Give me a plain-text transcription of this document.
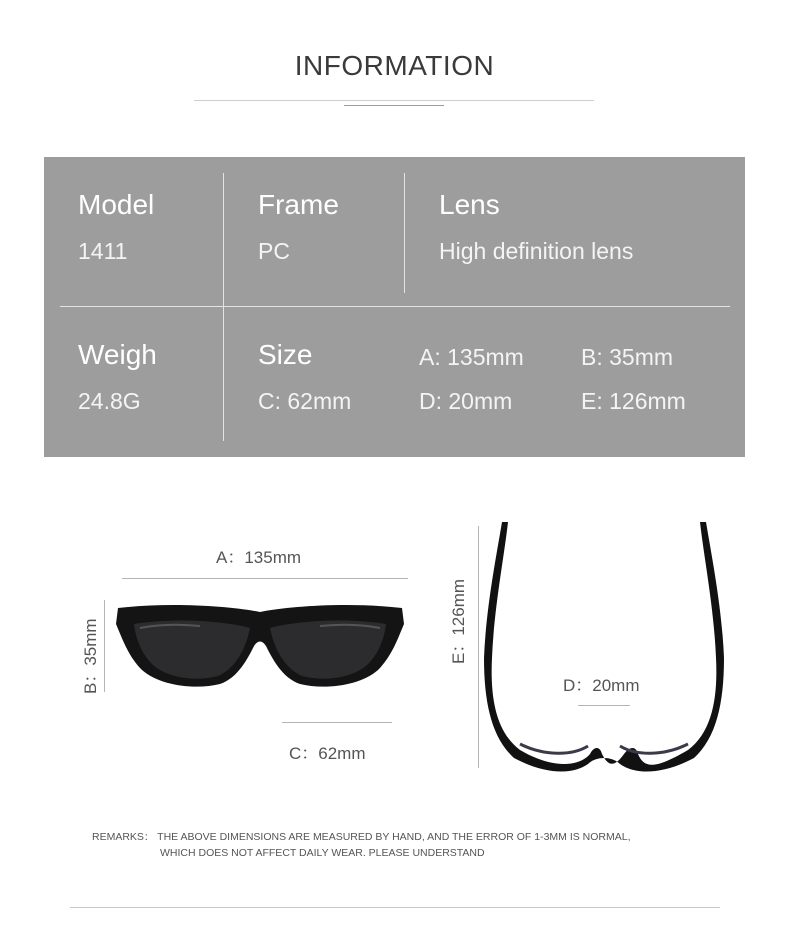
INFORMATION
Model
1411
Frame
PC
Lens
High definition lens
Weigh
24.8G
Size	A: 135mm B: 35mm
C: 62mm	D: 20mm	E: 126mm
A：135mm
B：35mm
C：62mm
E：126mm
D：20mm
REMARKS： THE ABOVE DIMENSIONS ARE MEASURED BY HAND, AND THE ERROR OF 1-3MM IS NORMAL,
WHICH DOES NOT AFFECT DAILY WEAR. PLEASE UNDERSTAND
